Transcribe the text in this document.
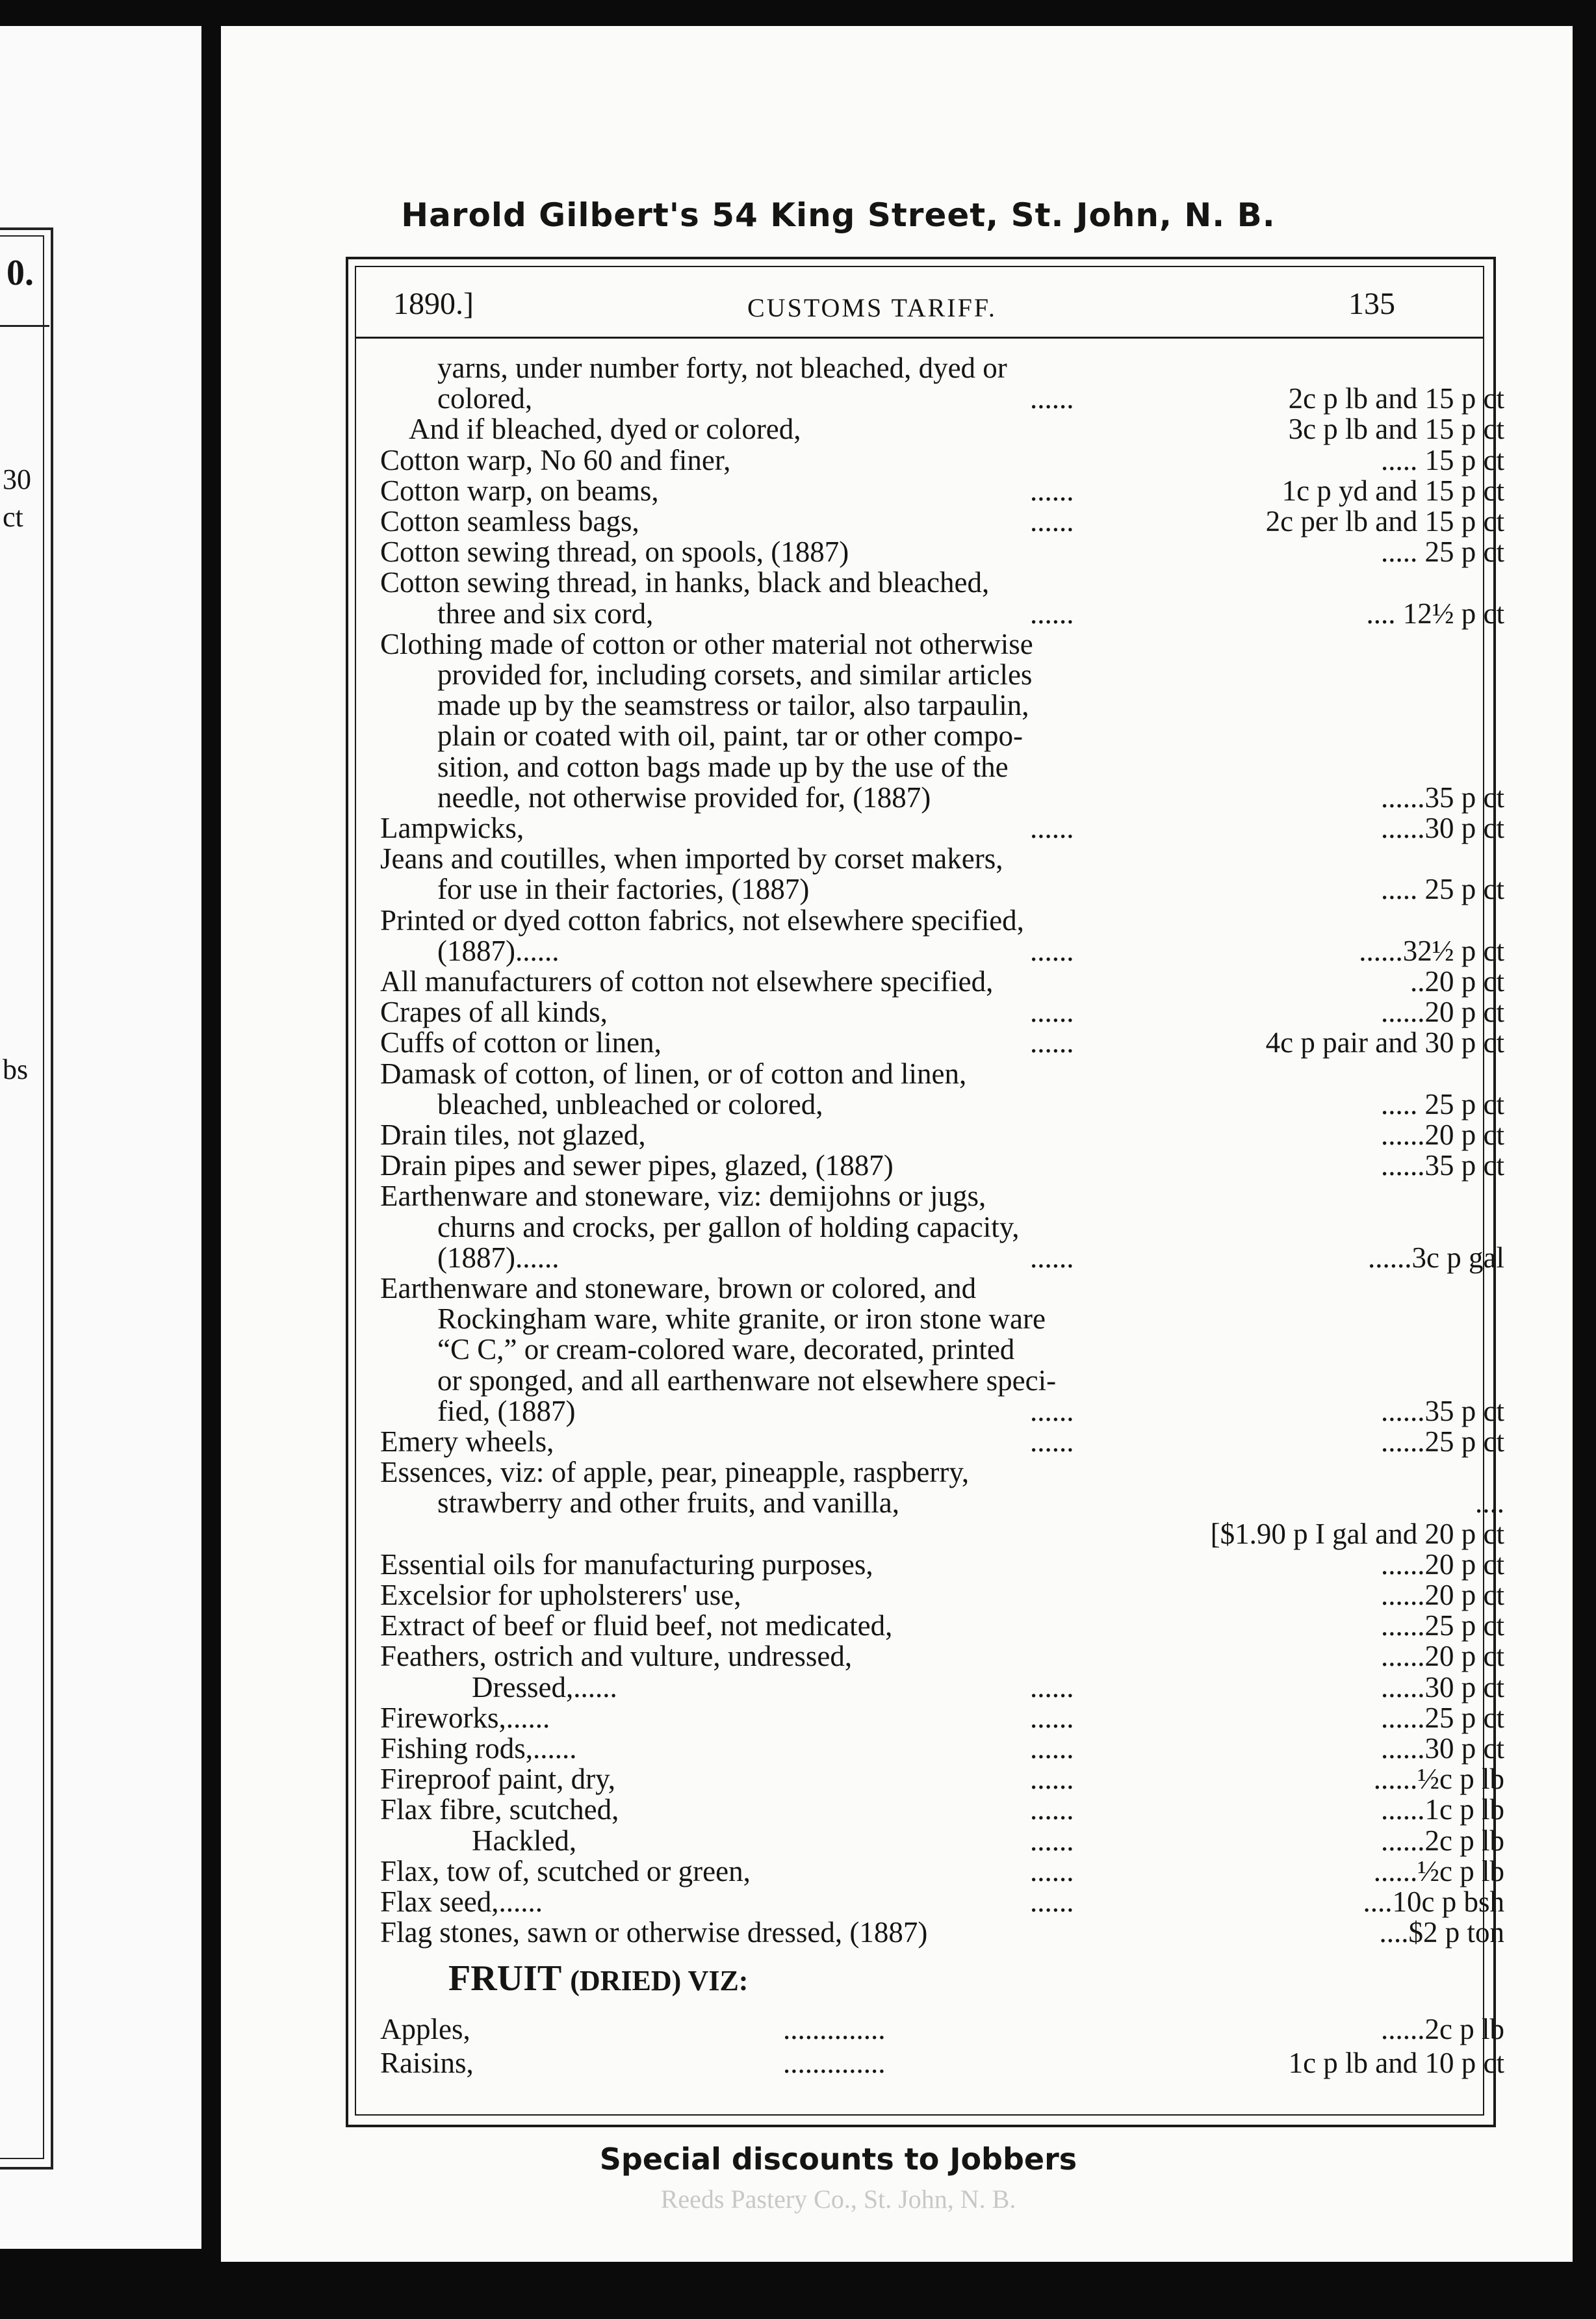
0.
30
ct
bs
Harold Gilbert's 54 King Street, St. John, N. B.
1890.]	CUSTOMS TARIFF.	135
yarns, under number forty, not bleached, dyed or
colored,	......	2c p lb and 15 p ct
And if bleached, dyed or colored,	3c p lb and 15 p ct
Cotton warp, No 60 and finer,	..... 15 p ct
Cotton warp, on beams,	......	1c p yd and 15 p ct
Cotton seamless bags,	......	2c per lb and 15 p ct
Cotton sewing thread, on spools, (1887)	..... 25 p ct
Cotton sewing thread, in hanks, black and bleached,
three and six cord,	......	.... 12½ p ct
Clothing made of cotton or other material not otherwise
provided for, including corsets, and similar articles
made up by the seamstress or tailor, also tarpaulin,
plain or coated with oil, paint, tar or other compo-
sition, and cotton bags made up by the use of the
needle, not otherwise provided for, (1887)	......35 p ct
Lampwicks,	......	......30 p ct
Jeans and coutilles, when imported by corset makers,
for use in their factories, (1887)	..... 25 p ct
Printed or dyed cotton fabrics, not elsewhere specified,
(1887)......	......	......32½ p ct
All manufacturers of cotton not elsewhere specified,	..20 p ct
Crapes of all kinds,	......	......20 p ct
Cuffs of cotton or linen,	......	4c p pair and 30 p ct
Damask of cotton, of linen, or of cotton and linen,
bleached, unbleached or colored,	..... 25 p ct
Drain tiles, not glazed,	......20 p ct
Drain pipes and sewer pipes, glazed, (1887)	......35 p ct
Earthenware and stoneware, viz: demijohns or jugs,
churns and crocks, per gallon of holding capacity,
(1887)......	......	......3c p gal
Earthenware and stoneware, brown or colored, and
Rockingham ware, white granite, or iron stone ware
“C C,” or cream-colored ware, decorated, printed
or sponged, and all earthenware not elsewhere speci-
fied, (1887)	......	......35 p ct
Emery wheels,	......	......25 p ct
Essences, viz: of apple, pear, pineapple, raspberry,
strawberry and other fruits, and vanilla,	....
[$1.90 p I gal and 20 p ct
Essential oils for manufacturing purposes,	......20 p ct
Excelsior for upholsterers' use,	......20 p ct
Extract of beef or fluid beef, not medicated,	......25 p ct
Feathers, ostrich and vulture, undressed,	......20 p ct
Dressed,......	......	......30 p ct
Fireworks,......	......	......25 p ct
Fishing rods,......	......	......30 p ct
Fireproof paint, dry,	......	......½c p lb
Flax fibre, scutched,	......	......1c p lb
Hackled,	......	......2c p lb
Flax, tow of, scutched or green,	......	......½c p lb
Flax seed,......	......	....10c p bsh
Flag stones, sawn or otherwise dressed, (1887)	....$2 p ton
FRUIT (DRIED) VIZ:
Apples,	..............	......2c p lb
Raisins,	..............	1c p lb and 10 p ct
Special discounts to Jobbers
Reeds Pastery Co., St. John, N. B.
